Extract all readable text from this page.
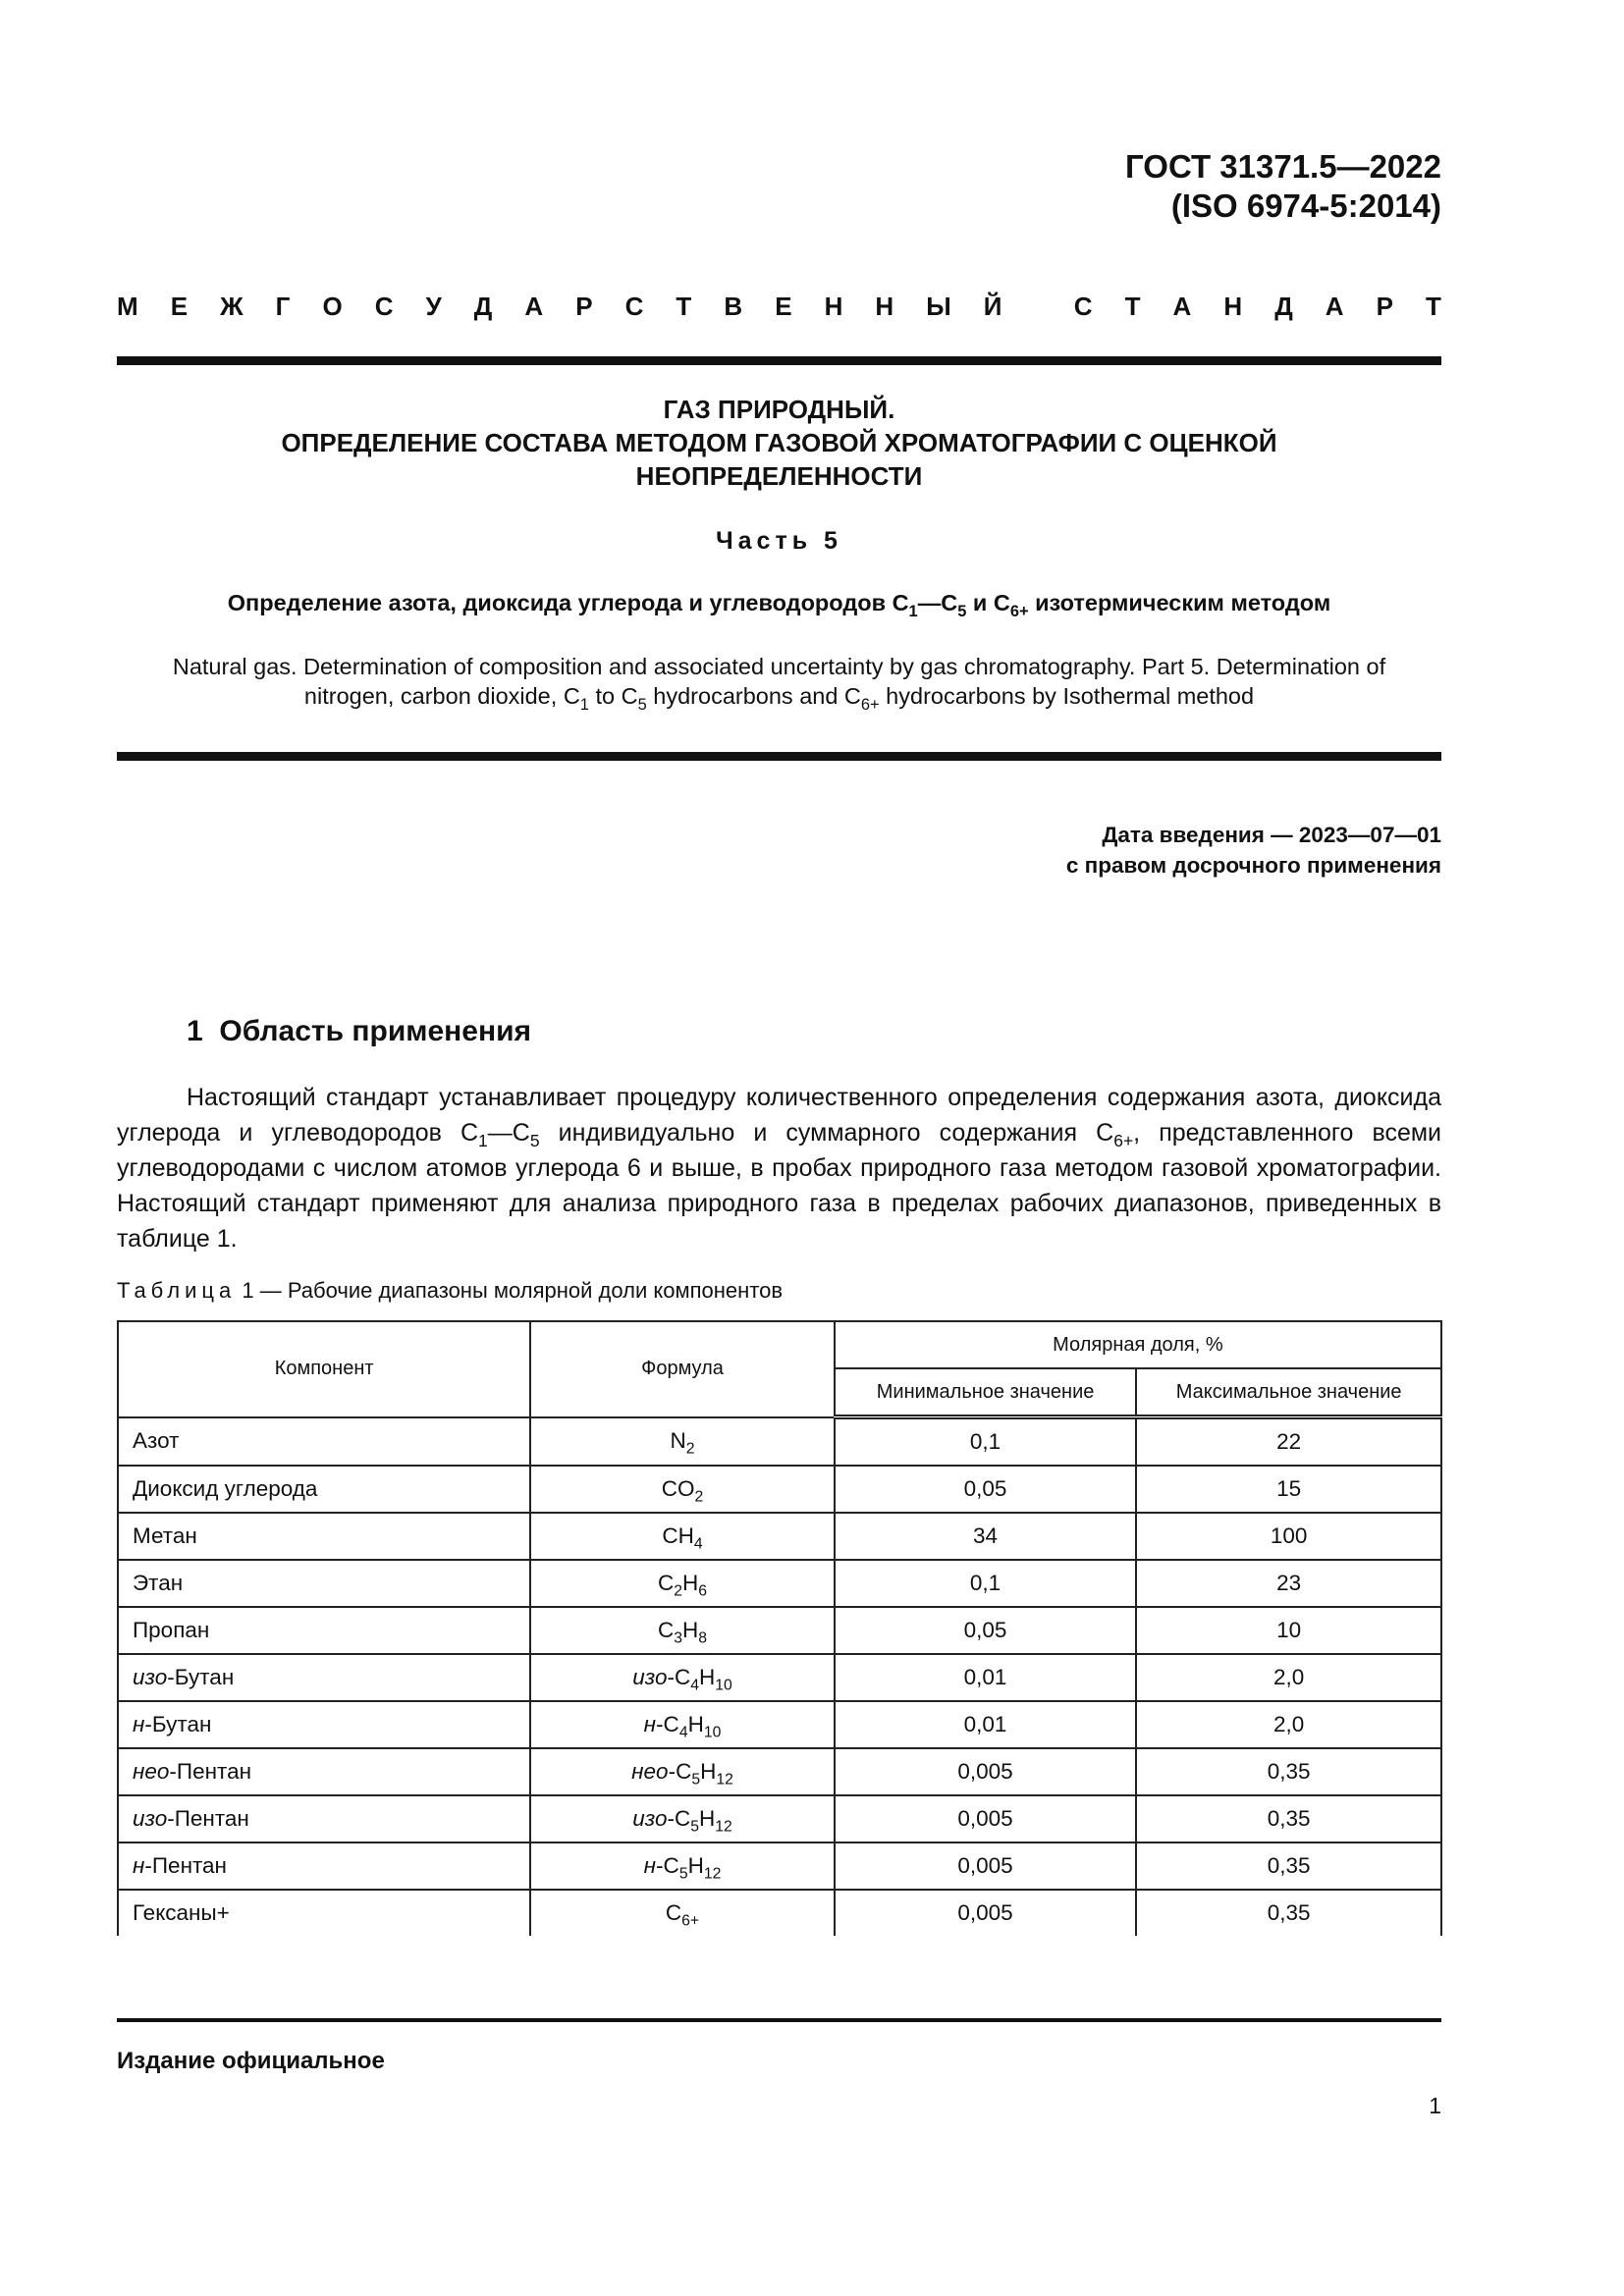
ГОСТ 31371.5—2022
(ISO 6974-5:2014)
М Е Ж Г О С У Д А Р С Т В Е Н Н Ы Й
	С Т А Н Д А Р Т
ГАЗ ПРИРОДНЫЙ.
ОПРЕДЕЛЕНИЕ СОСТАВА МЕТОДОМ ГАЗОВОЙ ХРОМАТОГРАФИИ С ОЦЕНКОЙ
НЕОПРЕДЕЛЕННОСТИ
Часть 5
Определение азота, диоксида углерода и углеводородов $C_1—C_5$ и $C_{6+}$ изотермическим методом
Natural gas. Determination of composition and associated uncertainty by gas chromatography. Part 5. Determination of nitrogen, carbon dioxide, $C_1$ to $C_5$ hydrocarbons and $C_{6+}$ hydrocarbons by Isothermal method
Дата введения — 2023—07—01
с правом досрочного применения
1 Область применения
Настоящий стандарт устанавливает процедуру количественного определения содержания азота, диоксида углерода и углеводородов $C_1—C_5$ индивидуально и суммарного содержания $C_{6+}$, представленного всеми углеводородами с числом атомов углерода 6 и выше, в пробах природного газа методом газовой хроматографии. Настоящий стандарт применяют для анализа природного газа в пределах рабочих диапазонов, приведенных в таблице 1.
Таблица 1 — Рабочие диапазоны молярной доли компонентов
Компонент	Формула	Молярная доля, %	
		Минимальное значение	Максимальное значение
Азот	$N_2$	0,1	22
Диоксид углерода	$CO_2$	0,05	15
Метан	$CH_4$	34	100
Этан	$C_2H_6$	0,1	23
Пропан	$C_3H_8$	0,05	10
изо-Бутан	изо-$C_4H_{10}$	0,01	2,0
н-Бутан	$н-C_4H_{10}$	0,01	2,0
нео-Пентан	нео-$C_5H_{12}$	0,005	0,35
изо-Пентан	изо-$C_5H_{12}$	0,005	0,35
н-Пентан	$н-C_5H_{12}$	0,005	0,35
Гексаны+	$C_{6+}$	0,005	0,35
Издание официальное
1
